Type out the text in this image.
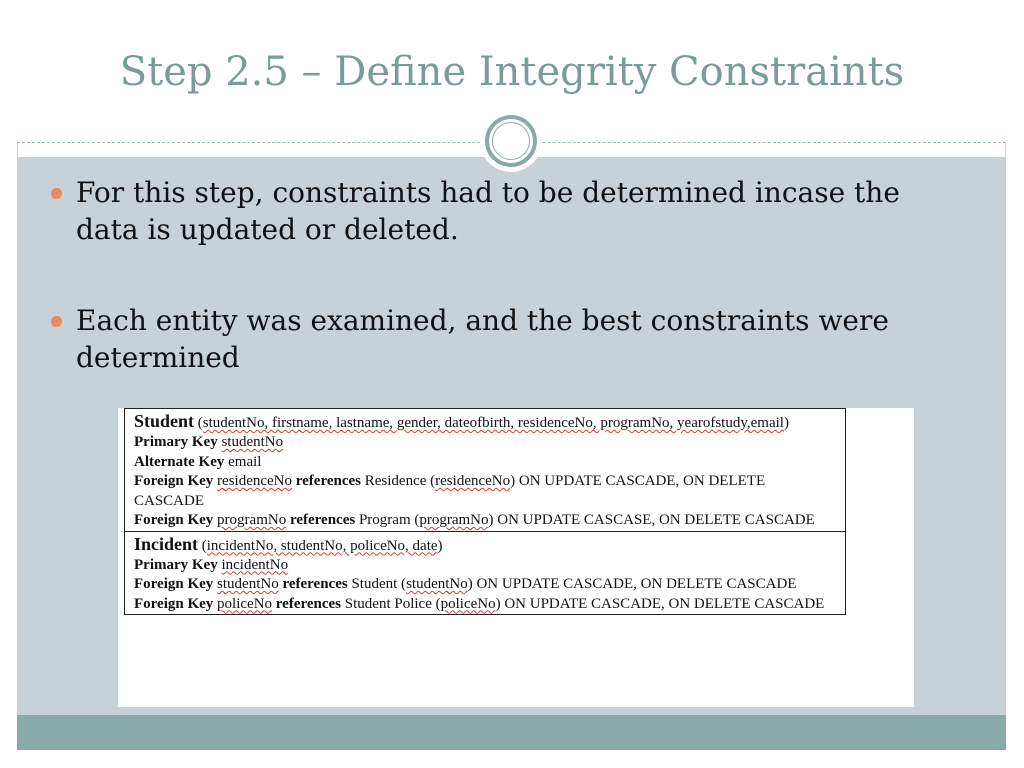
Step 2.5 – Define Integrity Constraints
For this step, constraints had to be determined incase the data is updated or deleted.
Each entity was examined, and the best constraints were determined
Student (studentNo, firstname, lastname, gender, dateofbirth, residenceNo, programNo, yearofstudy,email)
Primary Key studentNo
Alternate Key email
Foreign Key residenceNo references Residence (residenceNo) ON UPDATE CASCADE, ON DELETE CASCADE
Foreign Key programNo references Program (programNo) ON UPDATE CASCASE, ON DELETE CASCADE
Incident (incidentNo, studentNo, policeNo, date)
Primary Key incidentNo
Foreign Key studentNo references Student (studentNo) ON UPDATE CASCADE, ON DELETE CASCADE
Foreign Key policeNo references Student Police (policeNo) ON UPDATE CASCADE, ON DELETE CASCADE
